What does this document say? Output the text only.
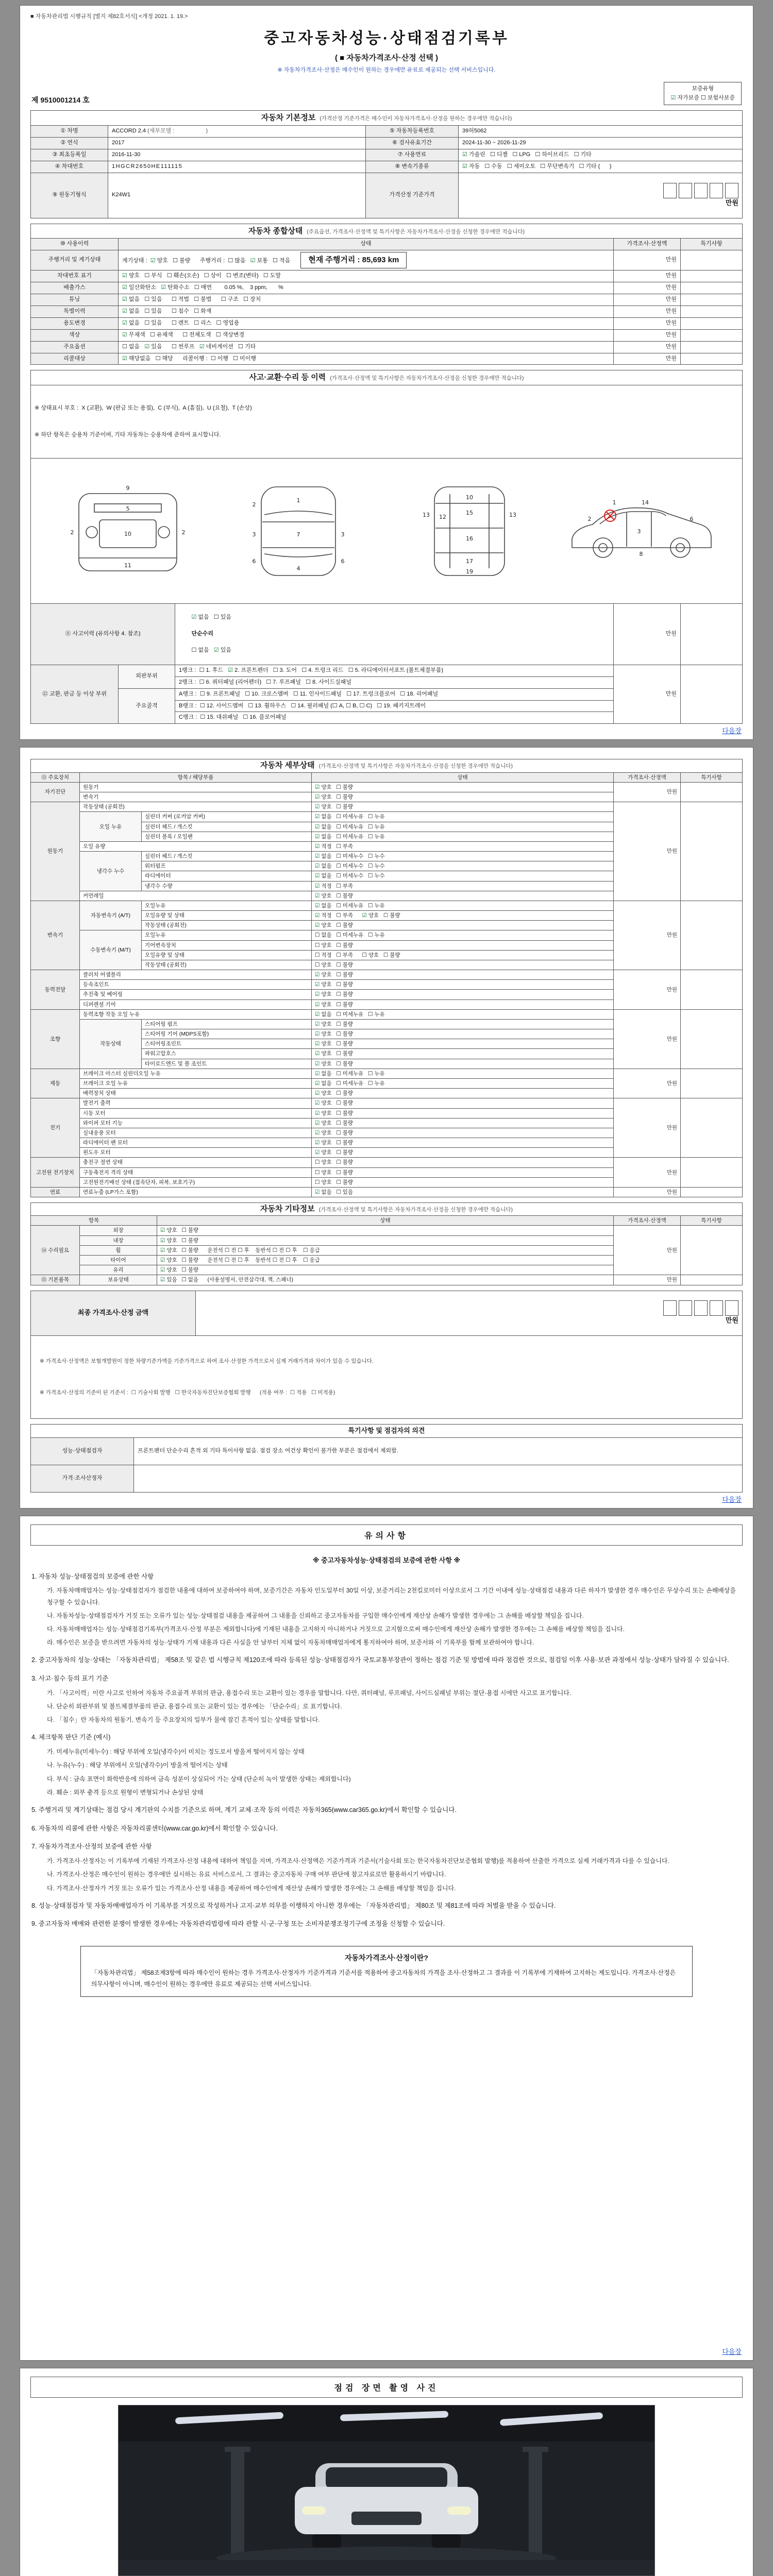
■ 자동차관리법 시행규칙 [별지 제82호서식] <개정 2021. 1. 19.>
중고자동차성능·상태점검기록부
( ■ 자동차가격조사·산정 선택 )
※ 자동차가격조사·산정은 매수인이 원하는 경우에만 유료로 제공되는 선택 서비스입니다.
제 9510001214 호
보증유형
☑ 자가보증 ☐ 보험사보증
자동차 기본정보 (가격산정 기준가격은 매수인이 자동차가격조사·산정을 원하는 경우에만 적습니다)			
① 차명	ACCORD 2.4 (세부모델 :                    )	⑤ 자동차등록번호	39허5062
② 연식	2017	⑥ 검사유효기간	2024-11-30 ~ 2026-11-29
③ 최초등록일	2016-11-30	⑦ 사용연료	☑ 가솔린   ☐ 디젤   ☐ LPG   ☐ 하이브리드   ☐ 기타
④ 차대번호	1HGCR2650HE111115	⑧ 변속기종류	☑ 자동   ☐ 수동   ☐ 세미오토   ☐ 무단변속기   ☐ 기타 (      )
⑨ 원동기형식	K24W1	가격산정 기준가격	만원

자동차 종합상태 (주요옵션, 가격조사·산정액 및 특기사항은 자동차가격조사·산정을 신청한 경우에만 적습니다)			
⑩ 사용이력	상태	가격조사·산정액	특기사항
주행거리 및 계기상태	계기상태 :  ☑ 양호   ☐ 불량      주행거리 :  ☐ 많음   ☑ 보통   ☐ 적음 현재 주행거리 : 85,693 km	만원	
차대번호 표기	☑ 양호   ☐ 부식   ☐ 훼손(오손)   ☐ 상이   ☐ 변조(변타)   ☐ 도말	만원	
배출가스	☑ 일산화탄소   ☑ 탄화수소   ☐ 매연        0.05 %,    3 ppm,       %	만원	
튜닝	☑ 없음   ☐ 있음      ☐ 적법   ☐ 불법      ☐ 구조   ☐ 장치	만원	
특별이력	☑ 없음   ☐ 있음      ☐ 침수   ☐ 화재	만원	
용도변경	☑ 없음   ☐ 있음      ☐ 렌트   ☐ 리스   ☐ 영업용	만원	
색상	☑ 무채색   ☐ 유채색      ☐ 전체도색   ☐ 색상변경	만원	
주요옵션	☐ 없음   ☑ 있음      ☐ 썬루프   ☑ 네비게이션   ☐ 기타	만원	
리콜대상	☑ 해당없음   ☐ 해당      리콜이행 :  ☐ 이행   ☐ 미이행	만원	
사고·교환·수리 등 이력 (가격조사·산정액 및 특기사항은 자동차가격조사·산정을 신청한 경우에만 적습니다)				

※ 상태표시 부호 :  X (교환),  W (판금 또는 용접),  C (부식),  A (흠집),  U (요철),  T (손상)

※ 하단 항목은 승용차 기준이며, 기타 자동차는 승용차에 준하여 표시합니다.				

9
5
2	2
10
11
1
7
4
2
3	3
6	6
10
12
13	13
15
16
17
19
1
2
3
6
8
14

⑪ 사고이력 (유의사항 4. 참조)		☑ 없음   ☐ 있음

단순수리

☐ 없음   ☑ 있음	만원	
⑫ 교환, 판금 등 이상 부위	외판부위	1랭크 :  ☐ 1. 후드   ☑ 2. 프론트펜더   ☐ 3. 도어   ☐ 4. 트렁크 리드   ☐ 5. 라디에이터서포트 (볼트체결부품)	만원	
		2랭크 :  ☐ 6. 쿼터패널 (리어펜더)   ☐ 7. 루프패널   ☐ 8. 사이드실패널		
	주요골격	A랭크 :  ☐ 9. 프론트패널   ☐ 10. 크로스멤버   ☐ 11. 인사이드패널   ☐ 17. 트렁크플로어   ☐ 18. 리어패널		
		B랭크 :  ☐ 12. 사이드멤버   ☐ 13. 휠하우스   ☐ 14. 필러패널 (☐ A, ☐ B, ☐ C)   ☐ 19. 패키지트레이		
		C랭크 :  ☐ 15. 대쉬패널   ☐ 16. 플로어패널		
다음장
자동차 세부상태 (가격조사·산정액 및 특기사항은 자동차가격조사·산정을 신청한 경우에만 적습니다)					
⑬ 주요장치	항목 / 해당부품		상태	가격조사·산정액	특기사항
자기진단	원동기		☑ 양호   ☐ 불량	만원	
	변속기		☑ 양호   ☐ 불량		
원동기	작동상태 (공회전)		☑ 양호   ☐ 불량	만원	
	오일 누유	실린더 커버 (로커암 커버)	☑ 없음   ☐ 미세누유   ☐ 누유		
		실린더 헤드 / 개스킷	☑ 없음   ☐ 미세누유   ☐ 누유		
		실린더 블록 / 오일팬	☑ 없음   ☐ 미세누유   ☐ 누유		
	오일 유량		☑ 적정   ☐ 부족		
	냉각수 누수	실린더 헤드 / 개스킷	☑ 없음   ☐ 미세누수   ☐ 누수		
		워터펌프	☑ 없음   ☐ 미세누수   ☐ 누수		
		라디에이터	☑ 없음   ☐ 미세누수   ☐ 누수		
		냉각수 수량	☑ 적정   ☐ 부족		
	커먼레일		☑ 양호   ☐ 불량		
변속기	자동변속기 (A/T)	오일누유	☑ 없음   ☐ 미세누유   ☐ 누유	만원	
		오일유량 및 상태	☑ 적정   ☐ 부족      ☑ 양호   ☐ 불량		
		작동상태 (공회전)	☑ 양호   ☐ 불량		
	수동변속기 (M/T)	오일누유	☐ 없음   ☐ 미세누유   ☐ 누유		
		기어변속장치	☐ 양호   ☐ 불량		
		오일유량 및 상태	☐ 적정   ☐ 부족      ☐ 양호   ☐ 불량		
		작동상태 (공회전)	☐ 양호   ☐ 불량		
동력전달	클러치 어셈블리		☑ 양호   ☐ 불량	만원	
	등속조인트		☑ 양호   ☐ 불량		
	추진축 및 베어링		☑ 양호   ☐ 불량		
	디퍼렌셜 기어		☑ 양호   ☐ 불량		
조향	동력조향 작동 오일 누유		☑ 없음   ☐ 미세누유   ☐ 누유	만원	
	작동상태	스티어링 펌프	☑ 양호   ☐ 불량		
		스티어링 기어 (MDPS포함)	☑ 양호   ☐ 불량		
		스티어링조인트	☑ 양호   ☐ 불량		
		파워고압호스	☑ 양호   ☐ 불량		
		타이로드엔드 및 볼 조인트	☑ 양호   ☐ 불량		
제동	브레이크 마스터 실린더오일 누유		☑ 없음   ☐ 미세누유   ☐ 누유	만원	
	브레이크 오일 누유		☑ 없음   ☐ 미세누유   ☐ 누유		
	배력장치 상태		☑ 양호   ☐ 불량		
전기	발전기 출력		☑ 양호   ☐ 불량	만원	
	시동 모터		☑ 양호   ☐ 불량		
	와이퍼 모터 기능		☑ 양호   ☐ 불량		
	실내송풍 모터		☑ 양호   ☐ 불량		
	라디에이터 팬 모터		☑ 양호   ☐ 불량		
	윈도우 모터		☑ 양호   ☐ 불량		
고전원 전기장치	충전구 절연 상태		☐ 양호   ☐ 불량	만원	
	구동축전지 격리 상태		☐ 양호   ☐ 불량		
	고전원전기배선 상태 (접속단자, 피복, 보호기구)		☐ 양호   ☐ 불량		
연료	연료누출 (LP가스 포함)		☑ 없음   ☐ 있음	만원	
자동차 기타정보 (가격조사·산정액 및 특기사항은 자동차가격조사·산정을 신청한 경우에만 적습니다)				
항목		상태	가격조사·산정액	특기사항
⑭ 수리필요	외장	☑ 양호   ☐ 불량	만원	
	내장	☑ 양호   ☐ 불량		
	휠	☑ 양호   ☐ 불량      운전석 ☐ 전 ☐ 후    동반석 ☐ 전 ☐ 후    ☐ 응급		
	타이어	☑ 양호   ☐ 불량      운전석 ☐ 전 ☐ 후    동반석 ☐ 전 ☐ 후    ☐ 응급		
	유리	☑ 양호   ☐ 불량		
⑮ 기본품목	보유상태	☑ 있음   ☐ 없음      (사용설명서, 안전삼각대, 잭, 스패너)	만원	
최종 가격조사·산정 금액	

만원

※ 가격조사·산정액은 보험개발원이 정한 차량기준가액을 기준가격으로 하여 조사·산정한 가격으로서 실제 거래가격과 차이가 있을 수 있습니다.

※ 가격조사·산정의 기준이 된 기준서 :  ☐ 기술사회 발행   ☐ 한국자동차진단보증협회 발행      (적용 여부 :  ☐ 적용   ☐ 미적용)

특기사항 및 점검자의 의견	
성능·상태점검자	프론트펜더 단순수리 흔적 외 기타 특이사항 없음. 점검 장소 여건상 확인이 불가한 부분은 점검에서 제외함.
가격·조사산정자	
다음장
유의사항
※ 중고자동차성능·상태점검의 보증에 관한 사항 ※

1. 자동차 성능·상태점검의 보증에 관한 사항

가. 자동차매매업자는 성능·상태점검자가 점검한 내용에 대하여 보증하여야 하며, 보증기간은 자동차 인도일부터 30일 이상, 보증거리는 2천킬로미터 이상으로서 그 기간 이내에 성능·상태점검 내용과 다른 하자가 발생한 경우 매수인은 무상수리 또는 손해배상을 청구할 수 있습니다.

나. 자동차성능·상태점검자가 거짓 또는 오류가 있는 성능·상태점검 내용을 제공하여 그 내용을 신뢰하고 중고자동차를 구입한 매수인에게 재산상 손해가 발생한 경우에는 그 손해를 배상할 책임을 집니다.

다. 자동차매매업자는 성능·상태점검기록부(가격조사·산정 부분은 제외합니다)에 기재된 내용을 고지하지 아니하거나 거짓으로 고지함으로써 매수인에게 재산상 손해가 발생한 경우에는 그 손해를 배상할 책임을 집니다.

라. 매수인은 보증을 받으려면 자동차의 성능·상태가 기재 내용과 다른 사실을 안 날부터 지체 없이 자동차매매업자에게 통지하여야 하며, 보증서와 이 기록부를 함께 보관하여야 합니다.

2. 중고자동차의 성능·상태는 「자동차관리법」 제58조 및 같은 법 시행규칙 제120조에 따라 등록된 성능·상태점검자가 국토교통부장관이 정하는 점검 기준 및 방법에 따라 점검한 것으로, 점검일 이후 사용·보관 과정에서 성능·상태가 달라질 수 있습니다.

3. 사고·침수 등의 표기 기준

가. 「사고이력」이란 사고로 인하여 자동차 주요골격 부위의 판금, 용접수리 또는 교환이 있는 경우를 말합니다. 다만, 쿼터패널, 루프패널, 사이드실패널 부위는 절단·용접 시에만 사고로 표기합니다.

나. 단순히 외판부위 및 볼트체결부품의 판금, 용접수리 또는 교환이 있는 경우에는 「단순수리」로 표기합니다.

다. 「침수」란 자동차의 원동기, 변속기 등 주요장치의 일부가 물에 잠긴 흔적이 있는 상태를 말합니다.

4. 체크항목 판단 기준 (예시)

가. 미세누유(미세누수) : 해당 부위에 오일(냉각수)이 비치는 정도로서 방울져 떨어지지 않는 상태

나. 누유(누수) : 해당 부위에서 오일(냉각수)이 방울져 떨어지는 상태

다. 부식 : 금속 표면이 화학반응에 의하여 금속 성분이 상실되어 가는 상태 (단순히 녹이 발생한 상태는 제외합니다)

라. 훼손 : 외부 충격 등으로 원형이 변형되거나 손상된 상태

5. 주행거리 및 계기상태는 점검 당시 계기판의 수치를 기준으로 하며, 계기 교체·조작 등의 이력은 자동차365(www.car365.go.kr)에서 확인할 수 있습니다.

6. 자동차의 리콜에 관한 사항은 자동차리콜센터(www.car.go.kr)에서 확인할 수 있습니다.

7. 자동차가격조사·산정의 보증에 관한 사항

가. 가격조사·산정자는 이 기록부에 기재된 가격조사·산정 내용에 대하여 책임을 지며, 가격조사·산정액은 기준가격과 기준서(기술사회 또는 한국자동차진단보증협회 발행)를 적용하여 산출한 가격으로 실제 거래가격과 다를 수 있습니다.

나. 가격조사·산정은 매수인이 원하는 경우에만 실시하는 유료 서비스로서, 그 결과는 중고자동차 구매 여부 판단에 참고자료로만 활용하시기 바랍니다.

다. 가격조사·산정자가 거짓 또는 오류가 있는 가격조사·산정 내용을 제공하여 매수인에게 재산상 손해가 발생한 경우에는 그 손해를 배상할 책임을 집니다.

8. 성능·상태점검자 및 자동차매매업자가 이 기록부를 거짓으로 작성하거나 고지·교부 의무를 이행하지 아니한 경우에는 「자동차관리법」 제80조 및 제81조에 따라 처벌을 받을 수 있습니다.

9. 중고자동차 매매와 관련한 분쟁이 발생한 경우에는 자동차관리법령에 따라 관할 시·군·구청 또는 소비자분쟁조정기구에 조정을 신청할 수 있습니다.

자동차가격조사·산정이란?
「자동차관리법」 제58조제3항에 따라 매수인이 원하는 경우 가격조사·산정자가 기준가격과 기준서를 적용하여 중고자동차의 가격을 조사·산정하고 그 결과를 이 기록부에 기재하여 고지하는 제도입니다. 가격조사·산정은 의무사항이 아니며, 매수인이 원하는 경우에만 유료로 제공되는 선택 서비스입니다.
다음장
점검 장면 촬영 사진
